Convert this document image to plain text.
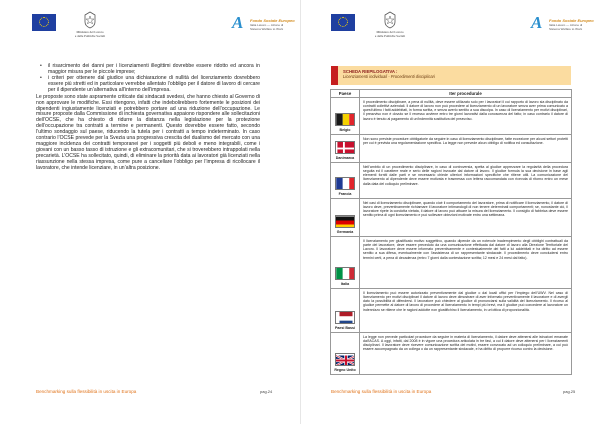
Ministero del Lavoro
e delle Politiche Sociali
A Fondo Sociale Europeo
Italia Lavoro — Azione di Sistema Welfare to Work
• il risarcimento dei danni per i licenziamenti illegittimi dovrebbe essere ridotto ed ancora in maggior misura per le piccole imprese;
• i criteri per ottenere dal giudice una dichiarazione di nullità del licenziamento dovrebbero essere più stretti ed in particolare verrebbe allentato l’obbligo per il datore di lavoro di cercare per il dipendente un’alternativa all’interno dell’impresa.

Le proposte sono state aspramente criticate dai sindacati svedesi, che hanno chiesto al Governo di non approvare le modifiche. Essi ritengono, infatti che indebolirebbero fortemente le posizioni dei dipendenti ingiustamente licenziati e potrebbero portare ad una riduzione dell’occupazione. Le misure proposte dalla Commissione di inchiesta governativa appaiono rispondere alle sollecitazioni dell’OCSE, che ha chiesto di ridurre la distanza nella legislazione per la protezione dell’occupazione tra contratti a termine e permanenti. Questo dovrebbe essere fatto, secondo l’ultimo sondaggio sul paese, riducendo la tutela per i contratti a tempo indeterminato. In caso contrario l’OCSE prevede per la Svezia una progressiva crescita del dualismo del mercato con una maggiore incidenza dei contratti temporanei per i soggetti più deboli e meno integrabili, come i giovani con un basso tasso di istruzione e gli extracomunitari, che si troverebbero intrappolati nella precarietà. L’OCSE ha sollecitato, quindi, di eliminare la priorità data ai lavoratori già licenziati nella riassunzione nella stessa impresa, come pure a cancellare l’obbligo per l’impresa di ricollocare il lavoratore, che intende licenziare, in un’altra posizione.

Benchmarking sulla flessibilità in uscita in Europa	pag.24
Ministero del Lavoro
e delle Politiche Sociali
A Fondo Sociale Europeo
Italia Lavoro — Azione di Sistema Welfare to Work
Benchmarking sulla flessibilità in uscita in Europa	pag.25
SCHEDA RIEPILOGATIVA :
Licenziamenti individuali - Procedimenti disciplinari
Paese	Iter procedurale

Belgio	Il procedimento disciplinare, a pena di nullità, deve essere utilizzato solo per i lavoratori il cui rapporto di lavoro sia disciplinato da contratti collettivi aziendali. Il datore di lavoro non può procedere al licenziamento di un lavoratore senza aver prima comunicato a quest’ultimo i fatti addebitati, in forma scritta, e senza averlo sentito a sua discolpa. In caso di licenziamento per motivi disciplinari, il preavviso non è dovuto se il recesso avviene entro tre giorni lavorativi dalla conoscenza del fatto; in caso contrario il datore di lavoro è tenuto al pagamento di un’indennità sostitutiva del preavviso.

Danimarca	Non sono previste procedure obbligatorie da seguire in caso di licenziamento disciplinare, fatte eccezione per alcuni settori protetti per cui è prevista una regolamentazione specifica. La legge non prevede alcun obbligo di notifica ed consultazione.

Francia	Nell’ambito di un procedimento disciplinare, in caso di controversia, spetta al giudice apprezzare la regolarità della procedura seguita ed il carattere reale e serio delle ragioni invocate dal datore di lavoro. Il giudice formula la sua decisione in base agli elementi forniti dalle parti e se necessario chiede ulteriori informazioni specifiche che ritiene utili. La comunicazione del licenziamento al dipendente deve essere motivata e trasmessa con lettera raccomandata con ricevuta di ritorno entro un mese dalla data del colloquio preliminare.

Germania	Nei casi di licenziamento disciplinare, quando cioè il comportamento del lavoratore, prima di notificare il licenziamento, il datore di lavoro deve, preventivamente richiamare il lavoratore intimandogli di non tenere determinati comportamenti; se, nonostante ciò, il lavoratore ripete la condotta vietata, il datore di lavoro può attuare la misura del licenziamento. Il consiglio di fabbrica deve essere sentito prima di ogni licenziamento e può sollevare obiezioni motivate entro una settimana.

Italia	Il licenziamento per giustificato motivo soggettivo, quando dipende da un notevole inadempimento degli obblighi contrattuali da parte del lavoratore, deve essere preceduto da una comunicazione effettuata dal datore di lavoro alla Direzione Territoriale del Lavoro. Il lavoratore deve essere informato preventivamente e contestualmente dei fatti a lui addebitati e ha diritto ad essere sentito a sua difesa, eventualmente con l’assistenza di un rappresentante sindacale. Il procedimento deve concludersi entro termini certi, a pena di decadenza (entro 7 giorni dalla contestazione scritta; 12 mesi e 24 mesi dal fatto).

Paesi Bassi	Il licenziamento può essere autorizzato preventivamente dal giudice o dai locali uffici per l’impiego dell’UWV. Nel caso di licenziamento per motivi disciplinari il datore di lavoro deve dimostrare di aver informato preventivamente il lavoratore e di avergli dato la possibilità di difendersi. Il lavoratore può chiedere al giudice di pronunciarsi sulla validità del licenziamento. Il ricorso al giudice permette al datore di lavoro di procedere al licenziamento in tempi più brevi, ma il giudice può concedere al lavoratore un indennizzo se ritiene che le ragioni addotte non giustifichino il licenziamento, in un’ottica di proporzionalità.

Regno Unito	La legge non prevede particolari procedure da seguire in materia di licenziamento, il datore deve attenersi alle istruzioni emanate dall’ACAS. A oggi, infatti, dal 2008 è in vigore una procedura articolata in tre fasi, a cui il datore deve attenersi per i licenziamenti disciplinari. Il lavoratore deve ricevere comunicazione scritta dei motivi, essere convocato ad un colloquio preliminare, a cui può essere accompagnato da un collega o da un rappresentante sindacale, e ha diritto di proporre ricorso contro la decisione.
